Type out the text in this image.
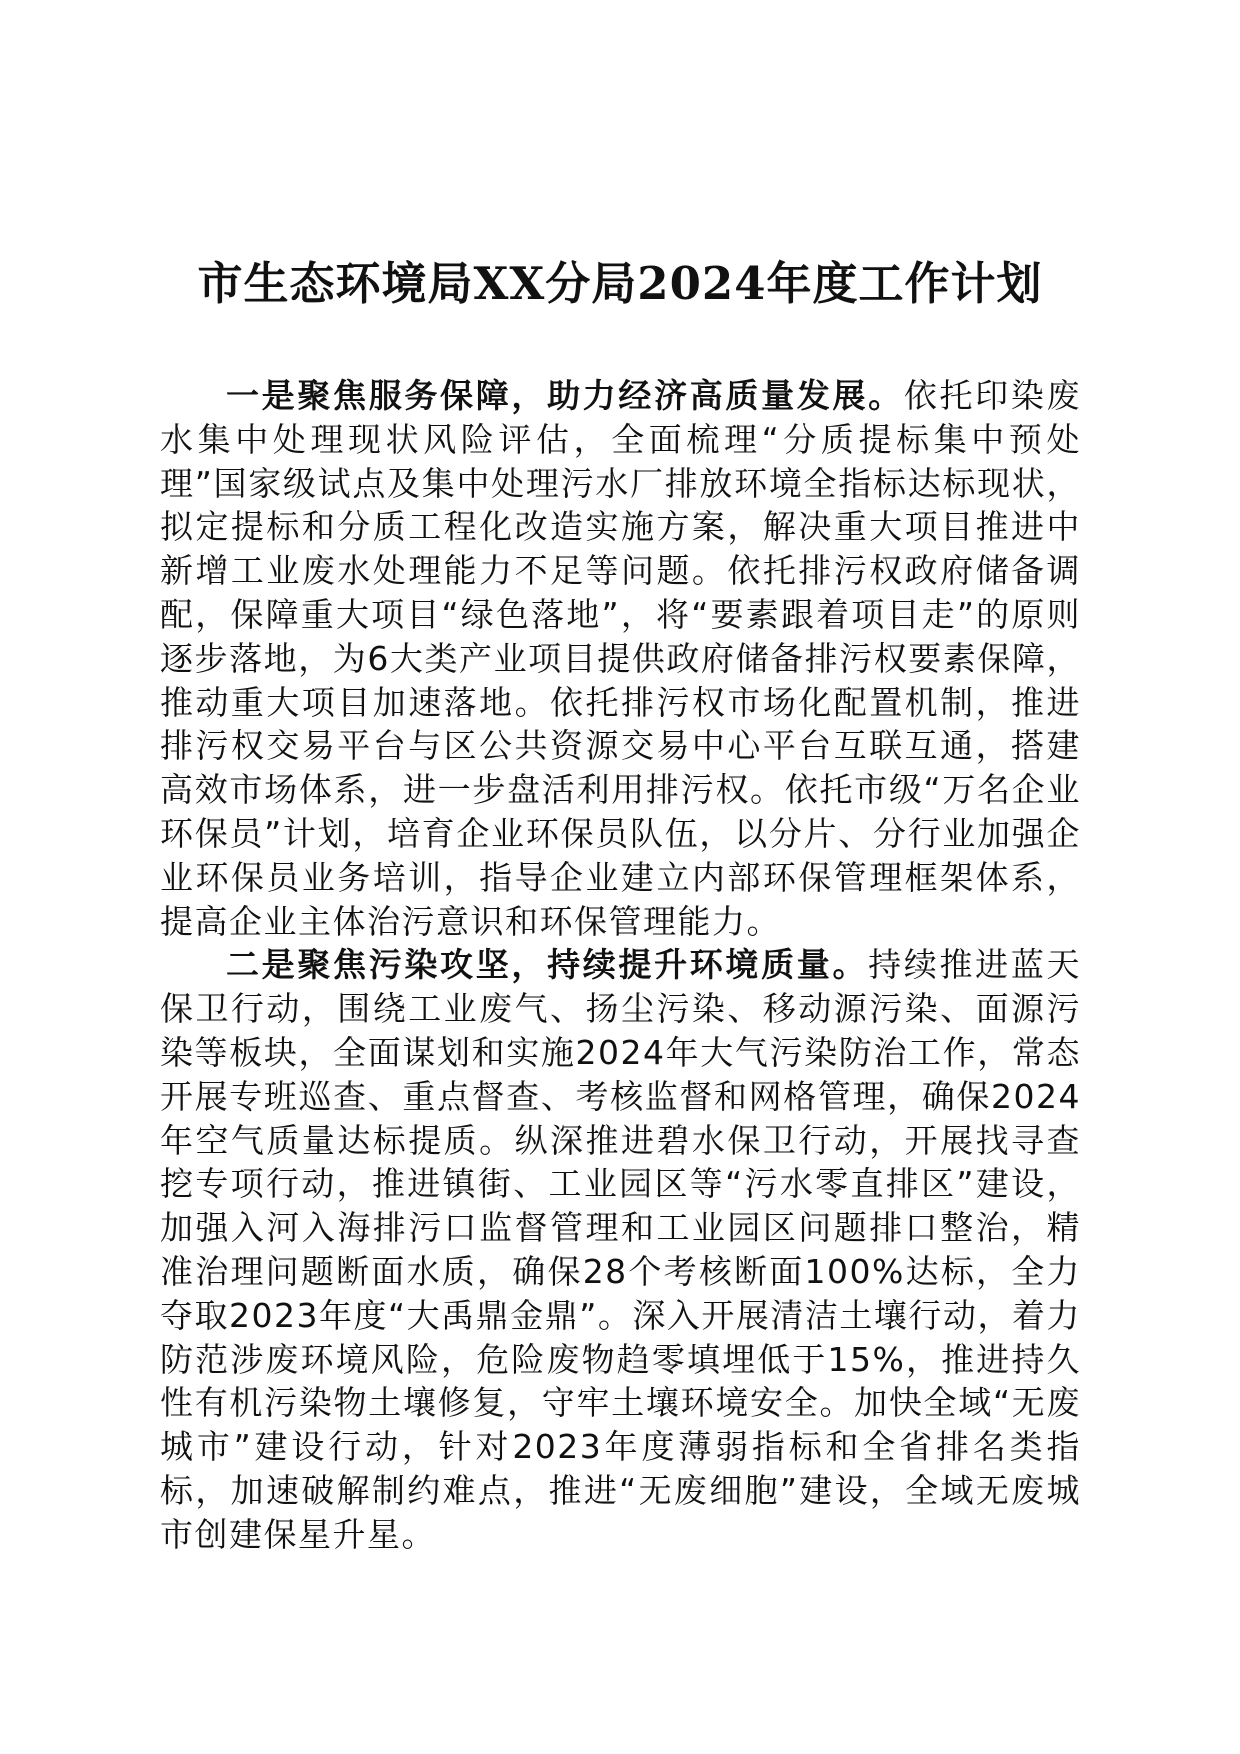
市生态环境局XX分局2024年度工作计划

一是聚焦服务保障，助力经济高质量发展。依托印染废水集中处理现状风险评估，全面梳理“分质提标集中预处理”国家级试点及集中处理污水厂排放环境全指标达标现状，拟定提标和分质工程化改造实施方案，解决重大项目推进中新增工业废水处理能力不足等问题。依托排污权政府储备调配，保障重大项目“绿色落地”，将“要素跟着项目走”的原则逐步落地，为6大类产业项目提供政府储备排污权要素保障，推动重大项目加速落地。依托排污权市场化配置机制，推进排污权交易平台与区公共资源交易中心平台互联互通，搭建高效市场体系，进一步盘活利用排污权。依托市级“万名企业环保员”计划，培育企业环保员队伍，以分片、分行业加强企业环保员业务培训，指导企业建立内部环保管理框架体系，提高企业主体治污意识和环保管理能力。

二是聚焦污染攻坚，持续提升环境质量。持续推进蓝天保卫行动，围绕工业废气、扬尘污染、移动源污染、面源污染等板块，全面谋划和实施2024年大气污染防治工作，常态开展专班巡查、重点督查、考核监督和网格管理，确保2024年空气质量达标提质。纵深推进碧水保卫行动，开展找寻查挖专项行动，推进镇街、工业园区等“污水零直排区”建设，加强入河入海排污口监督管理和工业园区问题排口整治，精准治理问题断面水质，确保28个考核断面100%达标，全力夺取2023年度“大禹鼎金鼎”。深入开展清洁土壤行动，着力防范涉废环境风险，危险废物趋零填埋低于15%，推进持久性有机污染物土壤修复，守牢土壤环境安全。加快全域“无废城市”建设行动，针对2023年度薄弱指标和全省排名类指标，加速破解制约难点，推进“无废细胞”建设，全域无废城市创建保星升星。
